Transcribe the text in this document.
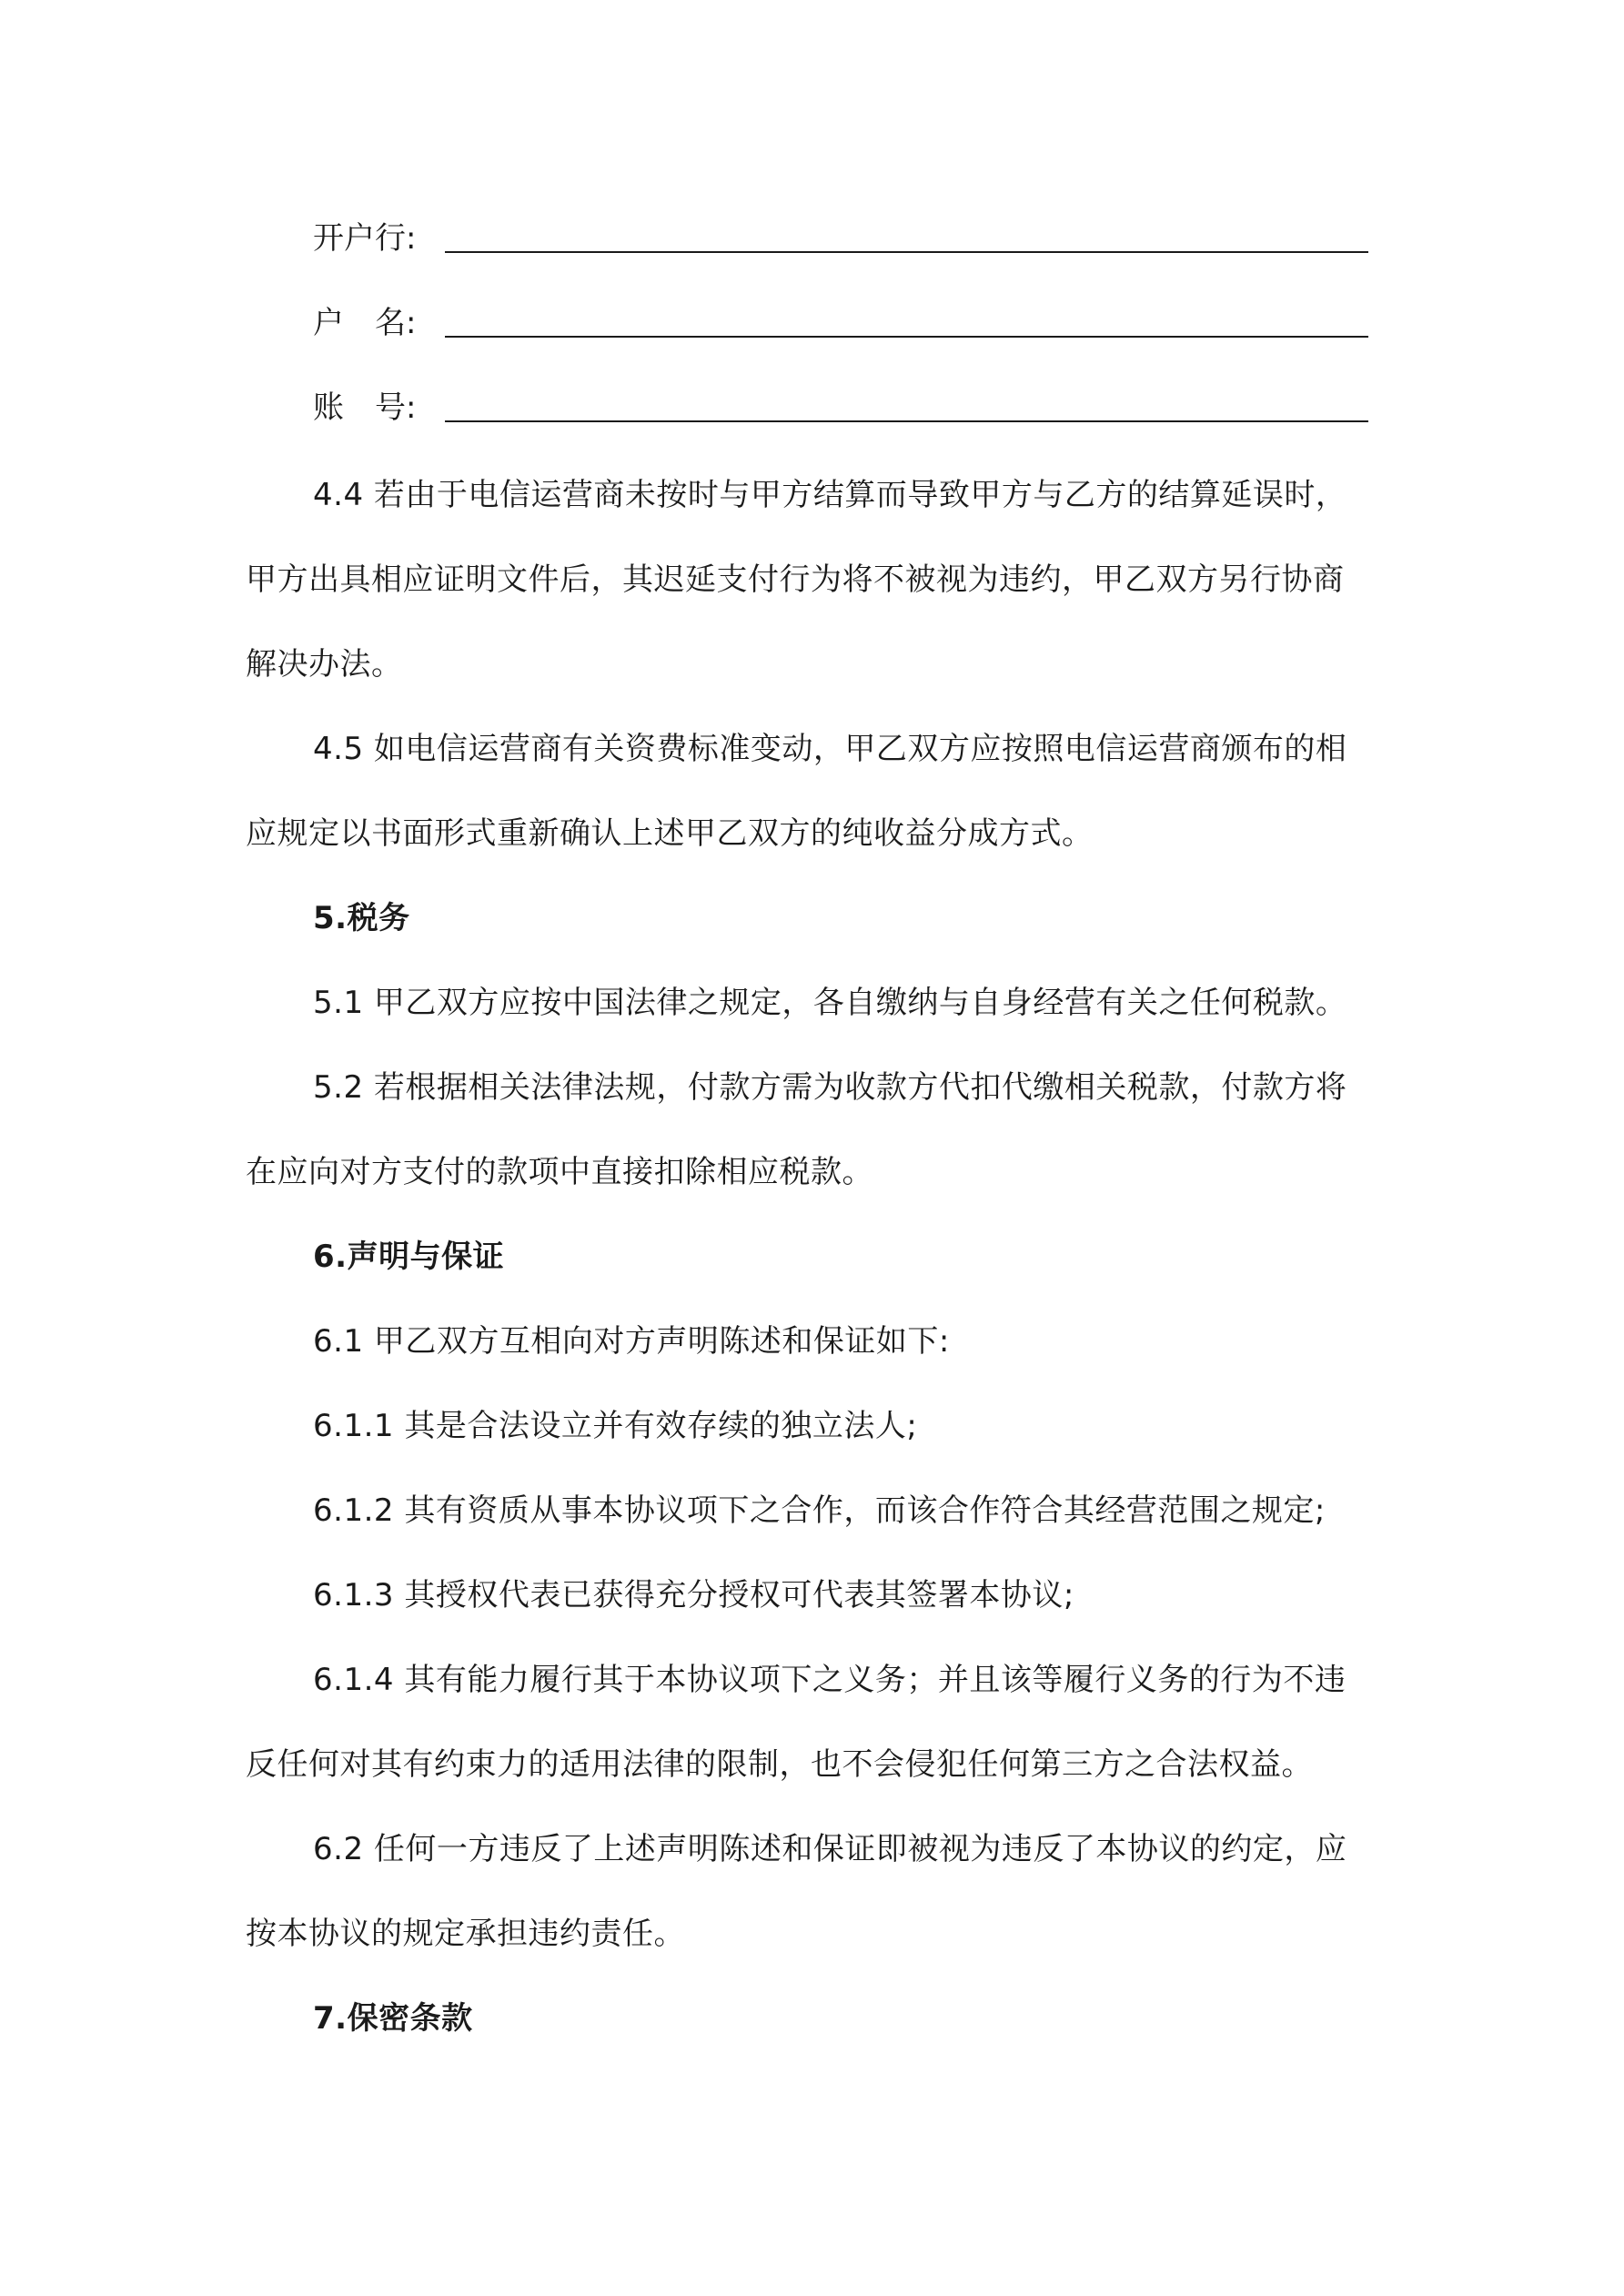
开户行:
户　名:
账　号:
4.4 若由于电信运营商未按时与甲方结算而导致甲方与乙方的结算延误时，
甲方出具相应证明文件后，其迟延支付行为将不被视为违约，甲乙双方另行协商
解决办法。
4.5 如电信运营商有关资费标准变动，甲乙双方应按照电信运营商颁布的相
应规定以书面形式重新确认上述甲乙双方的纯收益分成方式。
5.税务
5.1 甲乙双方应按中国法律之规定，各自缴纳与自身经营有关之任何税款。
5.2 若根据相关法律法规，付款方需为收款方代扣代缴相关税款，付款方将
在应向对方支付的款项中直接扣除相应税款。
6.声明与保证
6.1 甲乙双方互相向对方声明陈述和保证如下:
6.1.1 其是合法设立并有效存续的独立法人;
6.1.2 其有资质从事本协议项下之合作，而该合作符合其经营范围之规定;
6.1.3 其授权代表已获得充分授权可代表其签署本协议;
6.1.4 其有能力履行其于本协议项下之义务；并且该等履行义务的行为不违
反任何对其有约束力的适用法律的限制，也不会侵犯任何第三方之合法权益。
6.2 任何一方违反了上述声明陈述和保证即被视为违反了本协议的约定，应
按本协议的规定承担违约责任。
7.保密条款
